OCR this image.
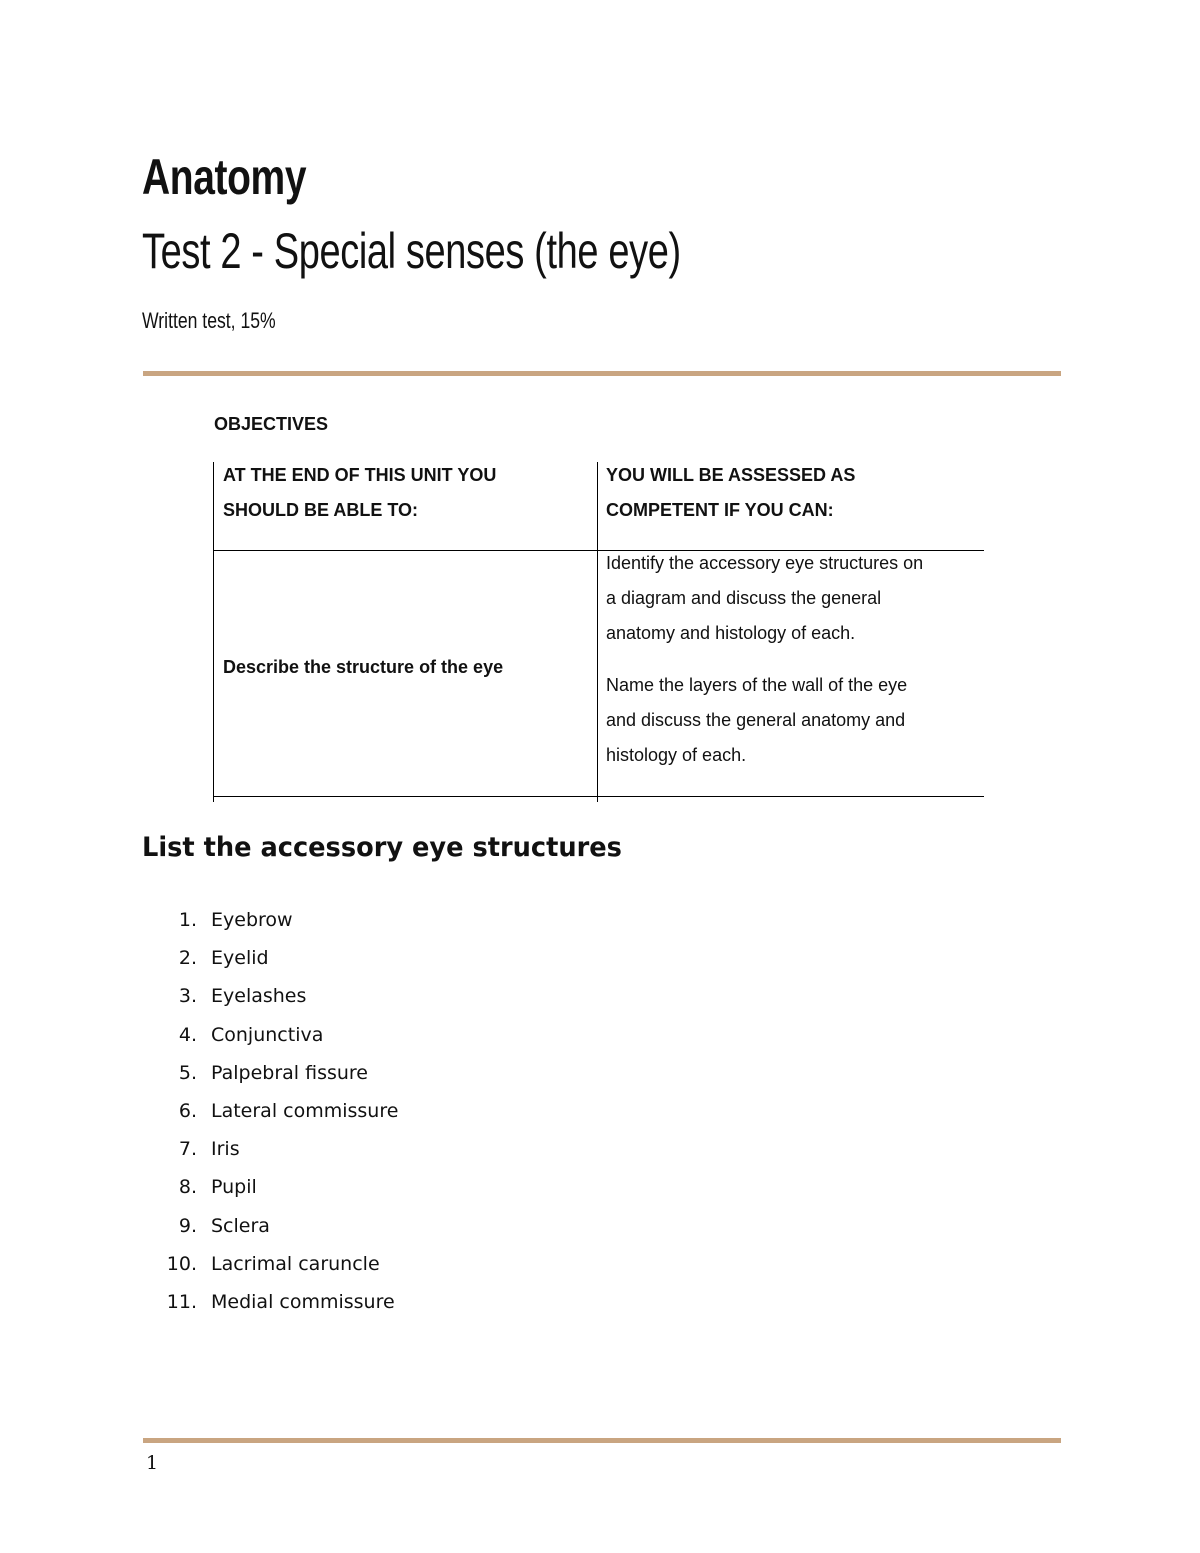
Anatomy
Test 2 - Special senses (the eye)

Written test, 15%

OBJECTIVES

AT THE END OF THIS UNIT YOU

SHOULD BE ABLE TO:

YOU WILL BE ASSESSED AS

COMPETENT IF YOU CAN:

Describe the structure of the eye

Identify the accessory eye structures on

a diagram and discuss the general

anatomy and histology of each.

Name the layers of the wall of the eye

and discuss the general anatomy and

histology of each.

List the accessory eye structures
1. Eyebrow
2. Eyelid
3. Eyelashes
4. Conjunctiva
5. Palpebral fissure
6. Lateral commissure
7. Iris
8. Pupil
9. Sclera
10. Lacrimal caruncle
11. Medial commissure
1
